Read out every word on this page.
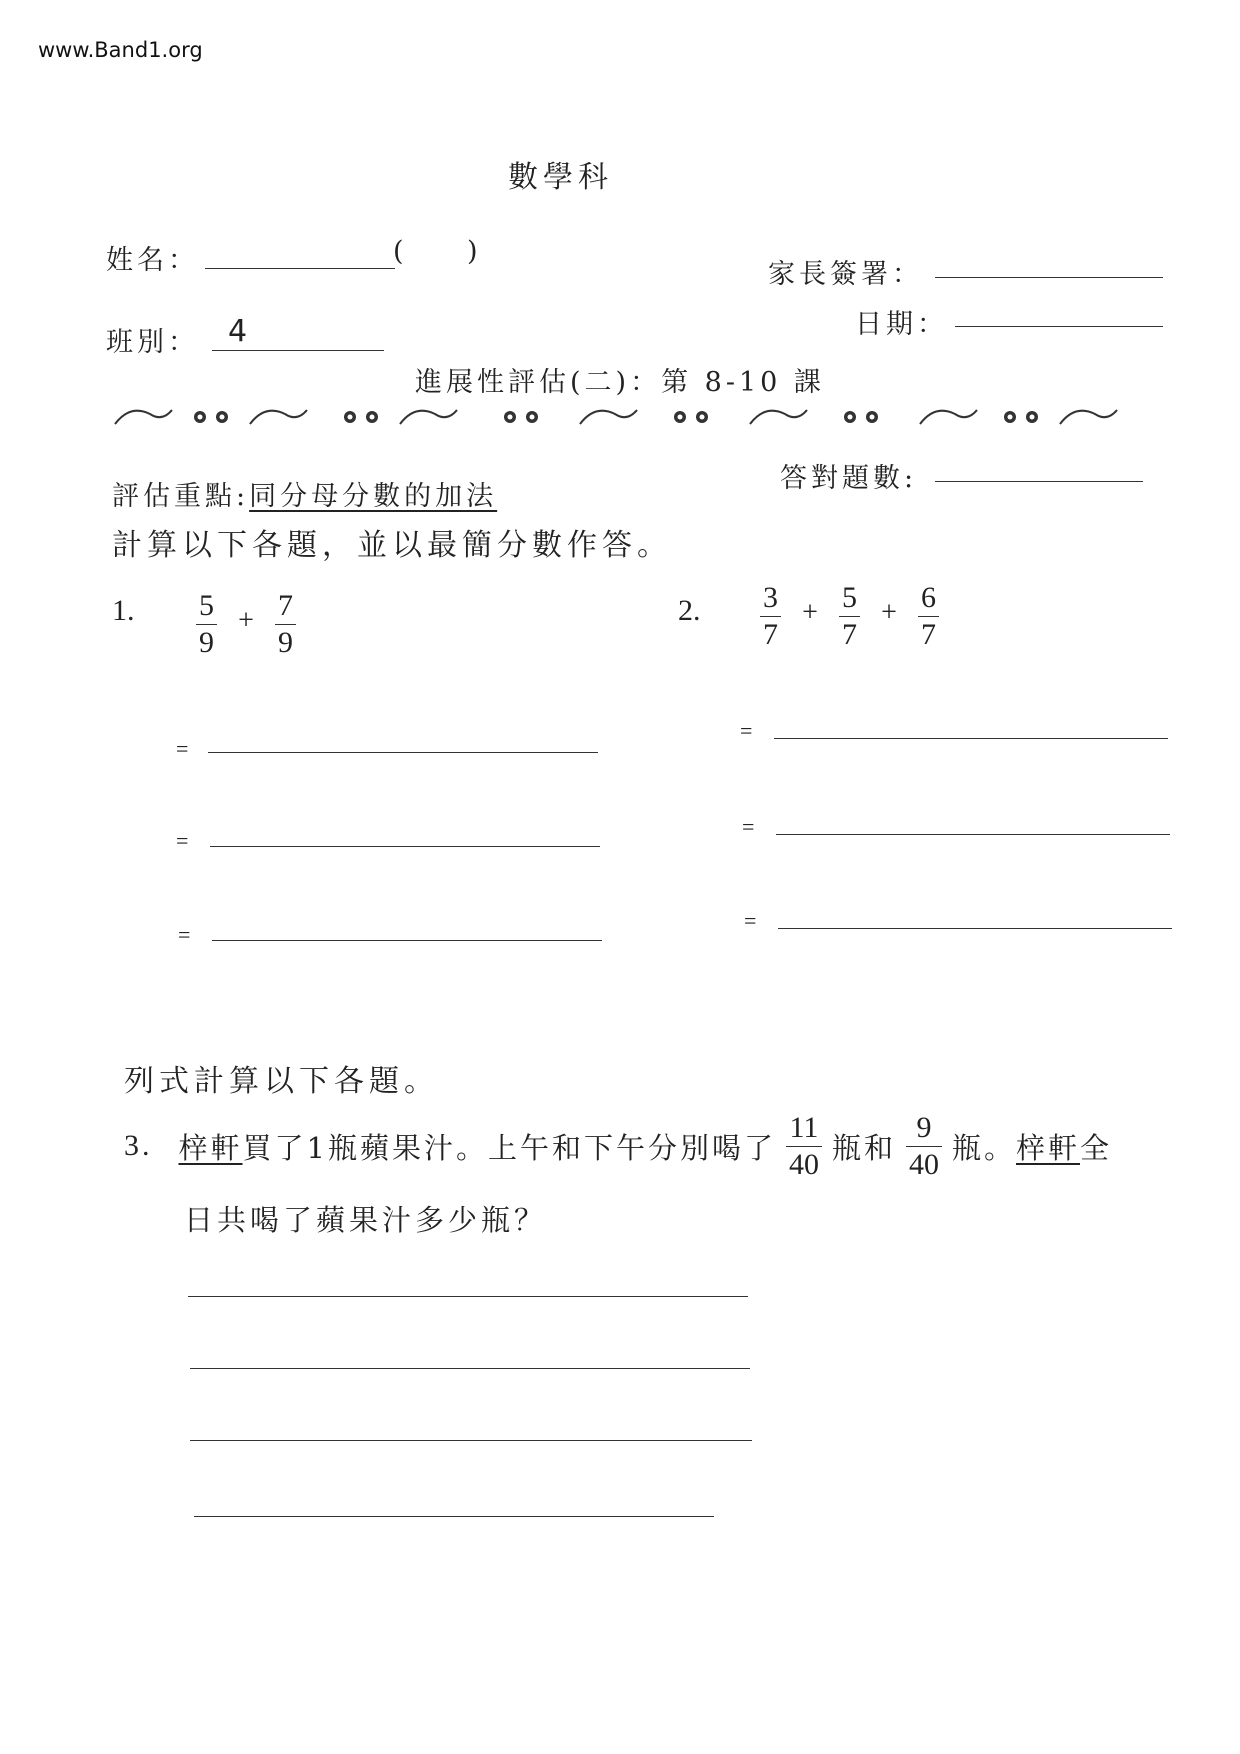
www.Band1.org
數學科
姓名：	( )
班別： 4
家長簽署：
日期：
進展性評估(二)：第 8-10 課
評估重點:同分母分數的加法
答對題數:
計算以下各題，並以最簡分數作答。
1. $\frac{5}{9} + \frac{7}{9}$	2. $\frac{3}{7} + \frac{5}{7} + \frac{6}{7}$
=
=
=
=
=
=
列式計算以下各題。
3. 梓軒 買了1瓶蘋果汁。上午和下午分別喝了 $\frac{11}{40}$ 瓶和 $\frac{9}{40}$ 瓶。 梓軒 全
日共喝了蘋果汁多少瓶？
